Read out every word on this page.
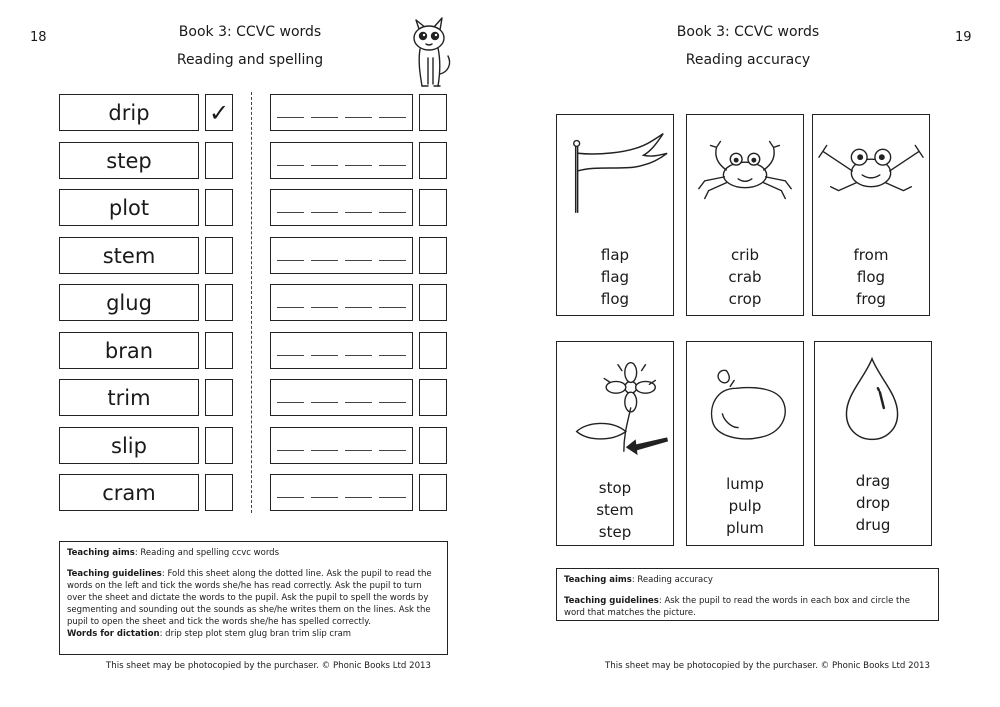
18	Book 3: CCVC words
Reading and spelling
drip	✓
step
plot
stem
glug
bran
trim
slip
cram

Teaching aims: Reading and spelling ccvc words

Teaching guidelines: Fold this sheet along the dotted line. Ask the pupil to read the words on the left and tick the words she/he has read correctly. Ask the pupil to turn over the sheet and dictate the words to the pupil. Ask the pupil to spell the words by segmenting and sounding out the sounds as she/he writes them on the lines. Ask the pupil to open the sheet and tick the words she/he has spelled correctly.

Words for dictation: drip step plot stem glug bran trim slip cram

This sheet may be photocopied by the purchaser. © Phonic Books Ltd 2013
19
Book 3: CCVC words
Reading accuracy
flap
flag
flog
crib
crab
crop
from
flog
frog
stop
stem
step
lump
pulp
plum
drag
drop
drug

Teaching aims: Reading accuracy

Teaching guidelines: Ask the pupil to read the words in each box and circle the word that matches the picture.

This sheet may be photocopied by the purchaser. © Phonic Books Ltd 2013
